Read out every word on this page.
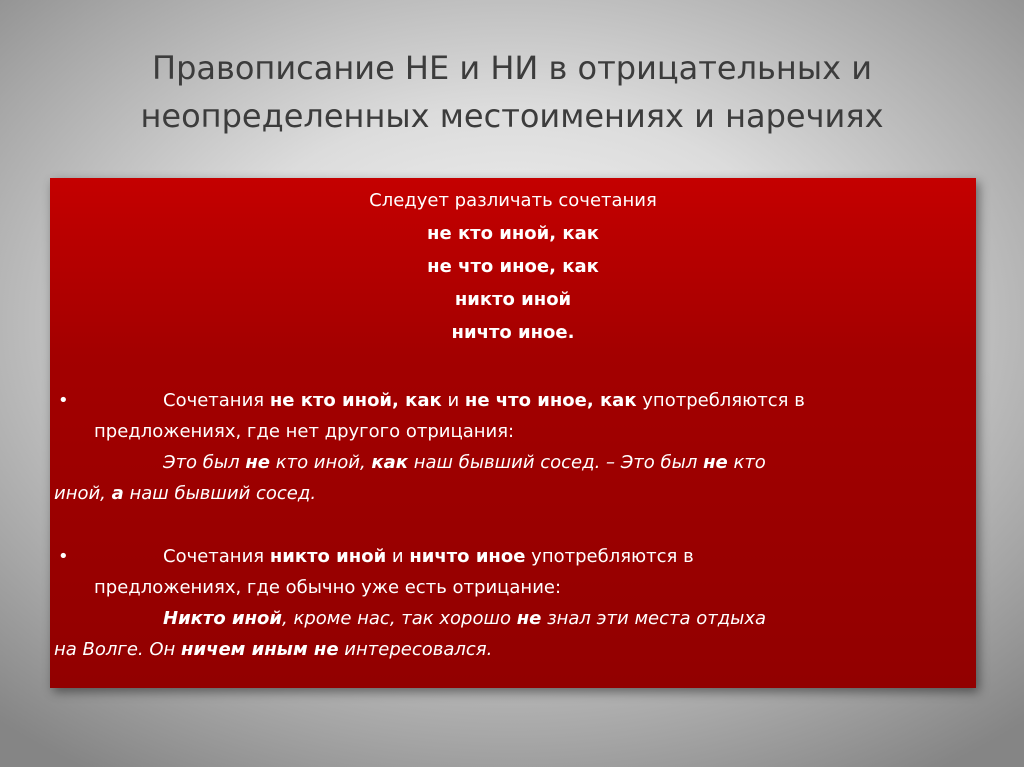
Правописание НЕ и НИ в отрицательных и
неопределенных местоимениях и наречиях
Следует различать сочетания
не кто иной, как
не что иное, как
никто иной
ничто иное.
•	Сочетания не кто иной, как и не что иное, как употребляются в
предложениях, где нет другого отрицания:
Это был не кто иной, как наш бывший сосед. – Это был не кто
иной, а наш бывший сосед.
•	Сочетания никто иной и ничто иное употребляются в
предложениях, где обычно уже есть отрицание:
Никто иной, кроме нас, так хорошо не знал эти места отдыха
на Волге. Он ничем иным не интересовался.
